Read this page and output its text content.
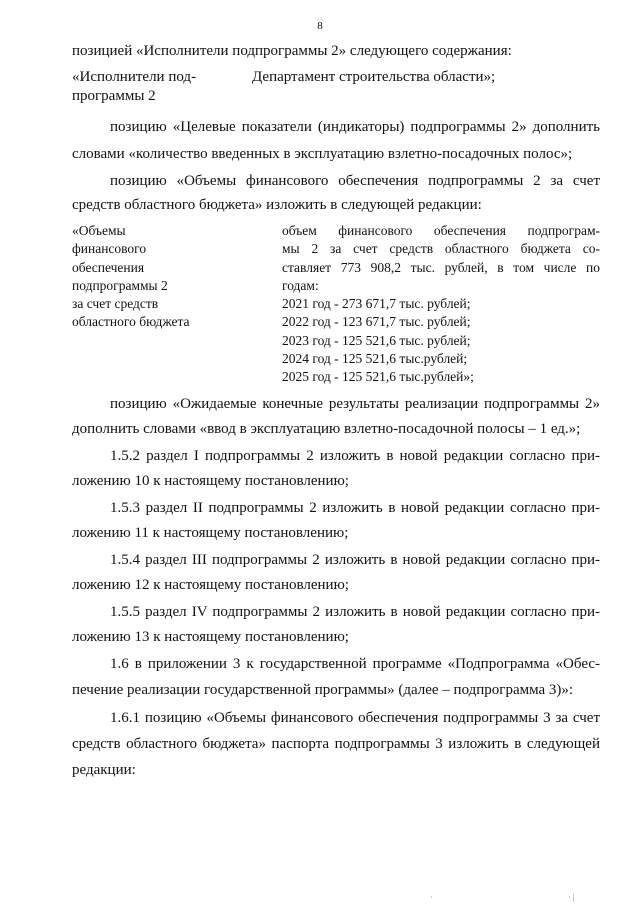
8
позицией «Исполнители подпрограммы 2» следующего содержания:
«Исполнители под-
программы 2
Департамент строительства области»;
позицию «Целевые показатели (индикаторы) подпрограммы 2» дополнить
словами «количество введенных в эксплуатацию взлетно-посадочных полос»;
позицию «Объемы финансового обеспечения подпрограммы 2 за счет
средств областного бюджета» изложить в следующей редакции:
«Объемы
финансового
обеспечения
подпрограммы 2
за счет средств
областного бюджета
объем финансового обеспечения подпрограм-
мы 2 за счет средств областного бюджета со-
ставляет 773 908,2 тыс. рублей, в том числе по
годам:
2021 год - 273 671,7 тыс. рублей;
2022 год - 123 671,7 тыс. рублей;
2023 год - 125 521,6 тыс. рублей;
2024 год - 125 521,6 тыс.рублей;
2025 год - 125 521,6 тыс.рублей»;
позицию «Ожидаемые конечные результаты реализации подпрограммы 2»
дополнить словами «ввод в эксплуатацию взлетно-посадочной полосы – 1 ед.»;
1.5.2 раздел I подпрограммы 2 изложить в новой редакции согласно при-
ложению 10 к настоящему постановлению;
1.5.3 раздел II подпрограммы 2 изложить в новой редакции согласно при-
ложению 11 к настоящему постановлению;
1.5.4 раздел III подпрограммы 2 изложить в новой редакции согласно при-
ложению 12 к настоящему постановлению;
1.5.5 раздел IV подпрограммы 2 изложить в новой редакции согласно при-
ложению 13 к настоящему постановлению;
1.6 в приложении 3 к государственной программе «Подпрограмма «Обес-
печение реализации государственной программы» (далее – подпрограмма 3)»:
1.6.1 позицию «Объемы финансового обеспечения подпрограммы 3 за счет
средств областного бюджета» паспорта подпрограммы 3 изложить в следующей
редакции:
·	· |
